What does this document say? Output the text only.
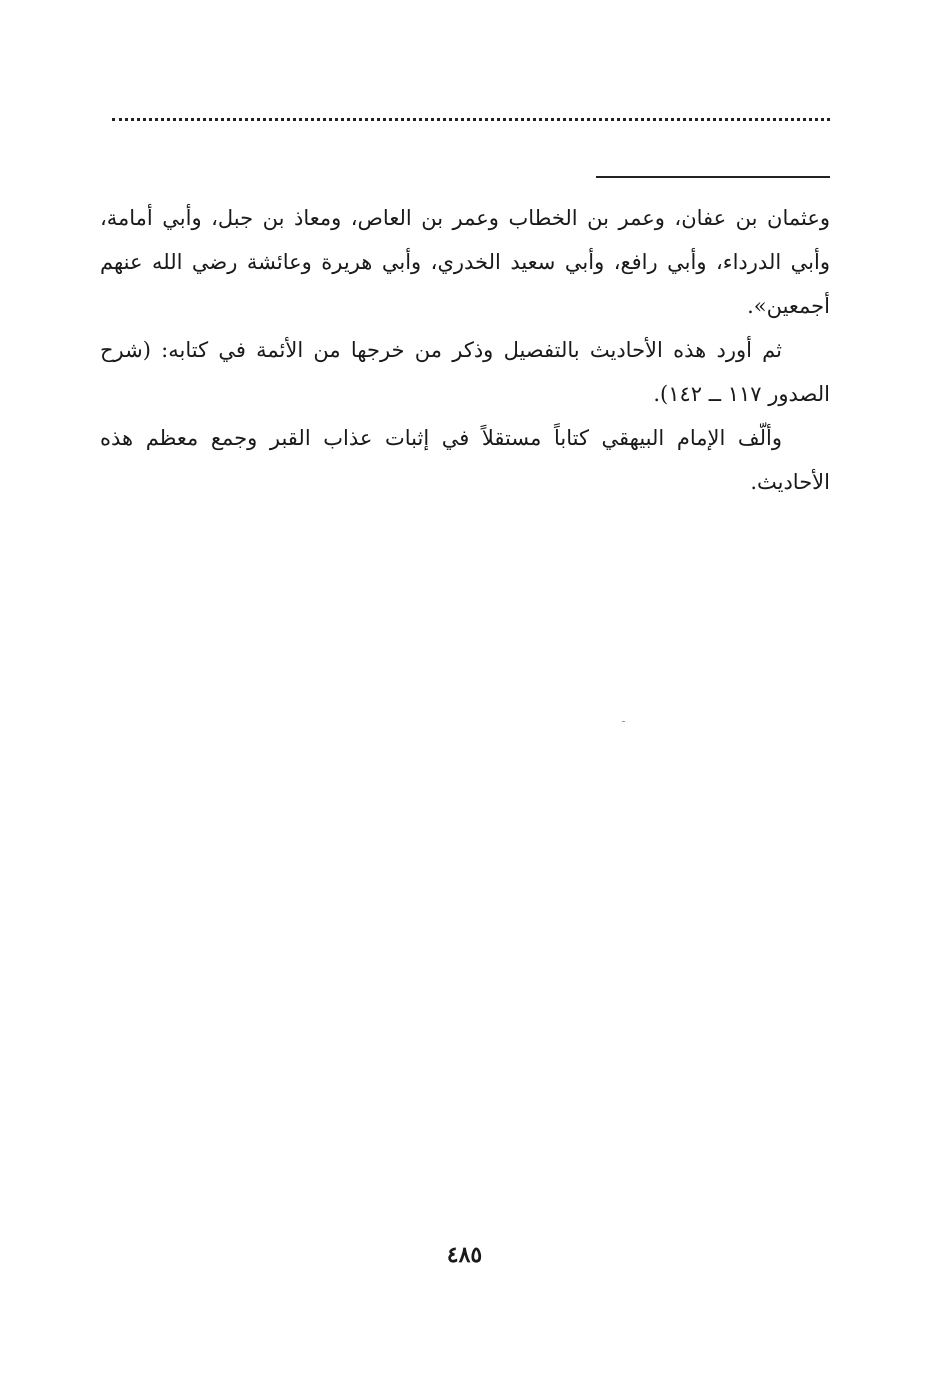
وعثمان بن عفان، وعمر بن الخطاب وعمر بن العاص، ومعاذ بن جبل، وأبي أمامة، وأبي الدرداء، وأبي رافع، وأبي سعيد الخدري، وأبي هريرة وعائشة رضي الله عنهم أجمعين».

ثم أورد هذه الأحاديث بالتفصيل وذكر من خرجها من الأئمة في كتابه: (شرح الصدور ١١٧ ــ ١٤٢).

وألّف الإمام البيهقي كتاباً مستقلاً في إثبات عذاب القبر وجمع معظم هذه الأحاديث.

٤٨٥
